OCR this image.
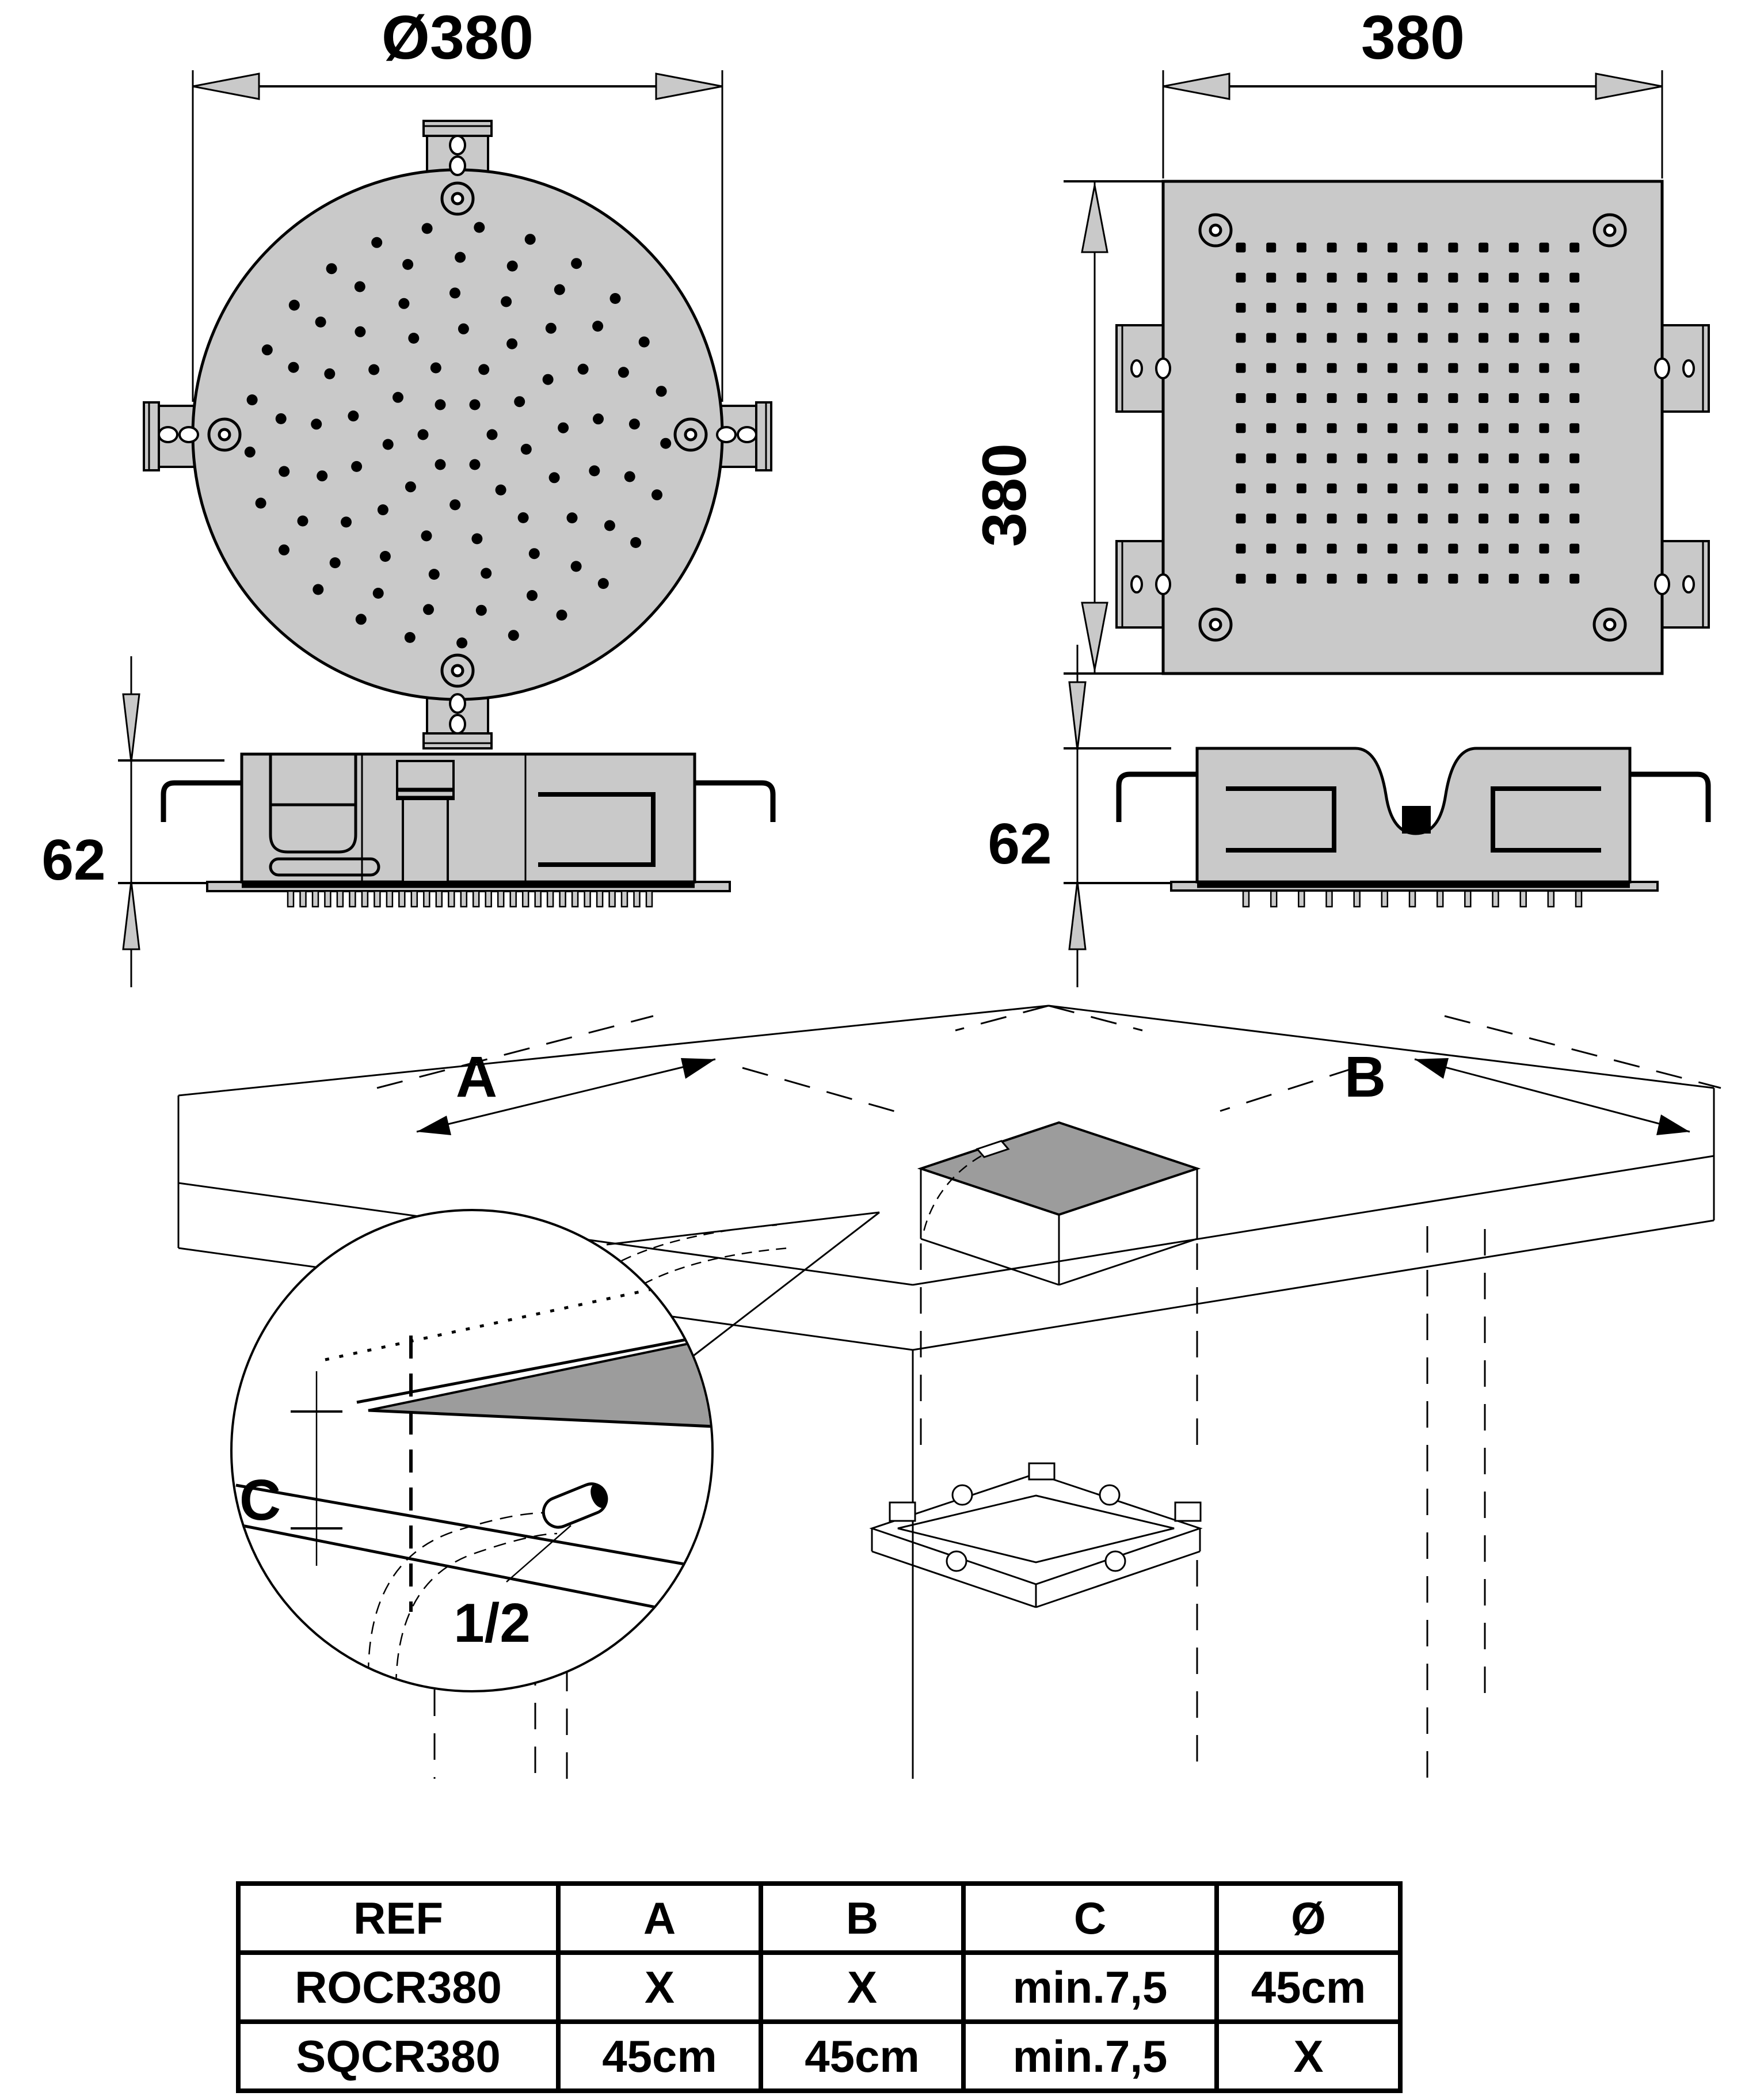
Ø380	380
380
62	62
A	B
C
1/2
REF	A	B	C	Ø
ROCR380	X	X	min.7,5	45cm
SQCR380	45cm	45cm	min.7,5	X
